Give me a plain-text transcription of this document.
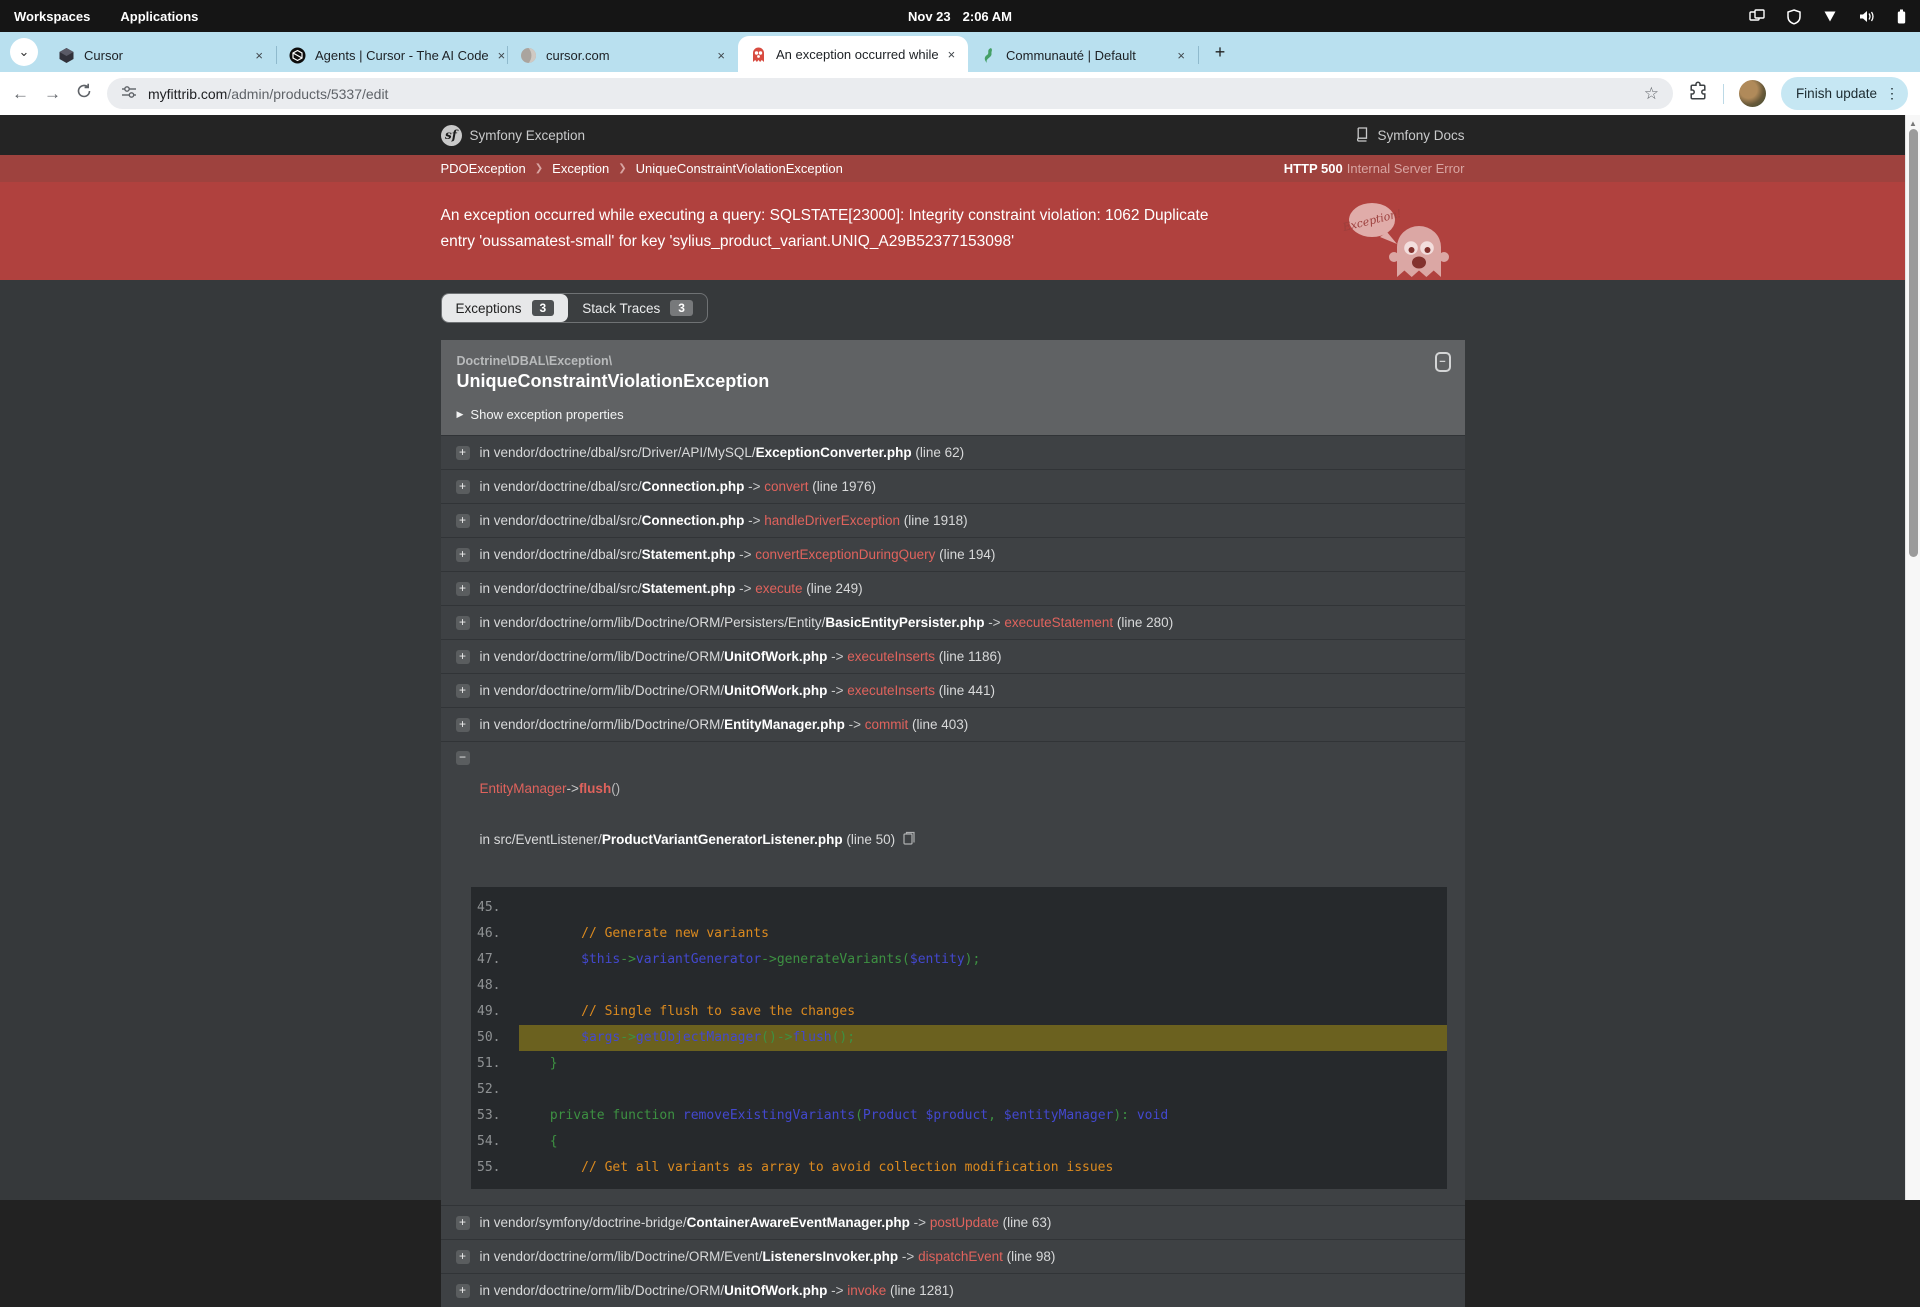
Workspaces Applications	Nov 23 2:06 AM
⌄	Cursor	×	Agents | Cursor - The AI Code ×	cursor.com	×	An exception occurred while ×	Communauté | Default	×	+
← →	myfittrib.com/admin/products/5337/edit	☆	Finish update ⋮
sf Symfony Exception	Symfony Docs
PDOException ❯ Exception ❯ UniqueConstraintViolationException	HTTP 500 Internal Server Error
An exception occurred while executing a query: SQLSTATE[23000]: Integrity constraint violation: 1062 Duplicate entry 'oussamatest-small' for key 'sylius_product_variant.UNIQ_A29B52377153098'
Exception!
Exceptions	3	Stack Traces	3
Doctrine\DBAL\Exception\
UniqueConstraintViolationException
▶ Show exception properties
−
+ in vendor/doctrine/dbal/src/Driver/API/MySQL/ExceptionConverter.php (line 62)
+ in vendor/doctrine/dbal/src/Connection.php -> convert (line 1976)
+ in vendor/doctrine/dbal/src/Connection.php -> handleDriverException (line 1918)
+ in vendor/doctrine/dbal/src/Statement.php -> convertExceptionDuringQuery (line 194)
+ in vendor/doctrine/dbal/src/Statement.php -> execute (line 249)
+ in vendor/doctrine/orm/lib/Doctrine/ORM/Persisters/Entity/BasicEntityPersister.php -> executeStatement (line 280)
+ in vendor/doctrine/orm/lib/Doctrine/ORM/UnitOfWork.php -> executeInserts (line 1186)
+ in vendor/doctrine/orm/lib/Doctrine/ORM/UnitOfWork.php -> executeInserts (line 441)
+ in vendor/doctrine/orm/lib/Doctrine/ORM/EntityManager.php -> commit (line 403)
−

EntityManager->flush()

in src/EventListener/ProductVariantGeneratorListener.php (line 50)

45.
46.	// Generate new variants
47.	$this->variantGenerator->generateVariants($entity);
48.
49.	// Single flush to save the changes
50.	$args->getObjectManager()->flush();
51.	}
52.
53.	private function removeExistingVariants(Product $product, $entityManager): void
54.	{
55.	// Get all variants as array to avoid collection modification issues
+ in vendor/symfony/doctrine-bridge/ContainerAwareEventManager.php -> postUpdate (line 63)
+ in vendor/doctrine/orm/lib/Doctrine/ORM/Event/ListenersInvoker.php -> dispatchEvent (line 98)
+ in vendor/doctrine/orm/lib/Doctrine/ORM/UnitOfWork.php -> invoke (line 1281)
▲
